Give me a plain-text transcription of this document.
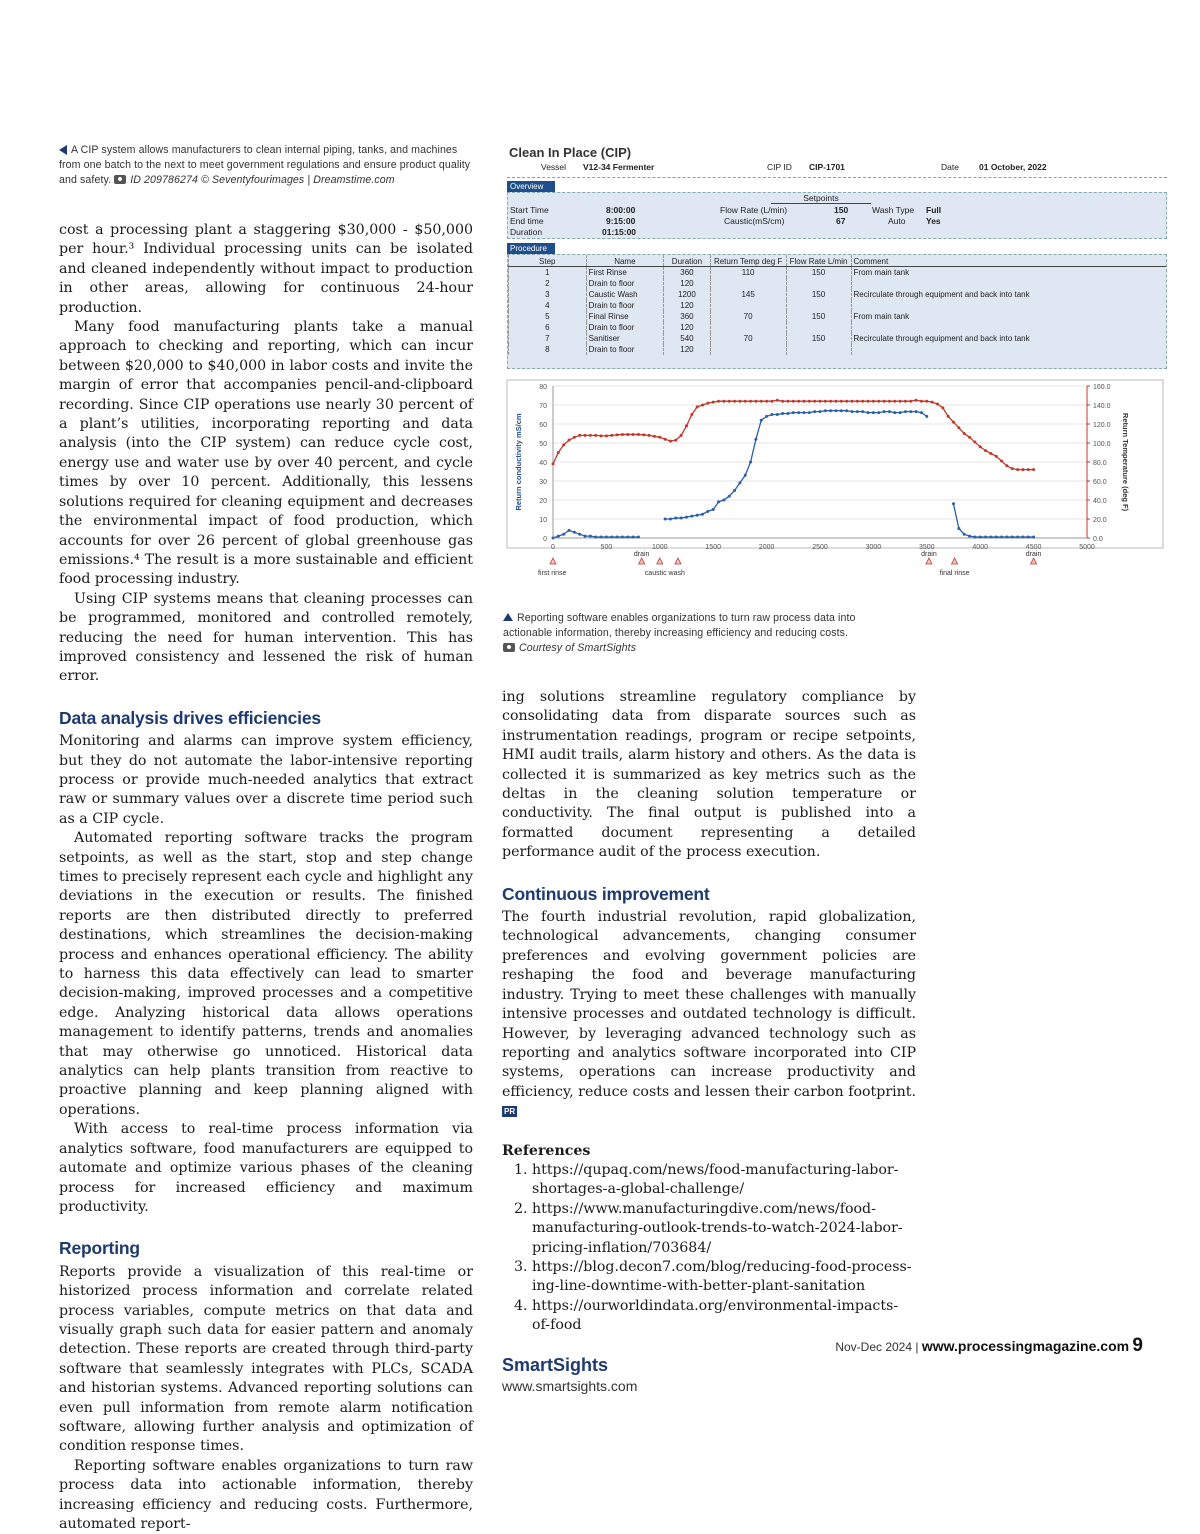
A CIP system allows manufacturers to clean internal piping, tanks, and machines from one batch to the next to meet government regulations and ensure product quality and safety. ID 209786274 © Seventyfourimages | Dreamstime.com

cost a processing plant a staggering $30,000 - $50,000 per hour.³ Individual processing units can be isolated and cleaned independently without impact to production in other areas, allowing for continuous 24-hour production.

Many food manufacturing plants take a manual approach to checking and reporting, which can incur between $20,000 to $40,000 in labor costs and invite the margin of error that accompanies pencil-and-clipboard recording. Since CIP operations use nearly 30 percent of a plant’s utilities, incorporating reporting and data analysis (into the CIP system) can reduce cycle cost, energy use and water use by over 40 percent, and cycle times by over 10 percent. Additionally, this lessens solutions required for cleaning equipment and decreases the environmental impact of food production, which accounts for over 26 percent of global greenhouse gas emissions.⁴ The result is a more sustainable and efficient food processing industry.

Using CIP systems means that cleaning processes can be programmed, monitored and controlled remotely, reducing the need for human intervention. This has improved consistency and lessened the risk of human error.

Data analysis drives efficiencies

Monitoring and alarms can improve system efficiency, but they do not automate the labor-intensive reporting process or provide much-needed analytics that extract raw or summary values over a discrete time period such as a CIP cycle.

Automated reporting software tracks the program setpoints, as well as the start, stop and step change times to precisely represent each cycle and highlight any deviations in the execution or results. The finished reports are then distributed directly to preferred destinations, which streamlines the decision-making process and enhances operational efficiency. The ability to harness this data effectively can lead to smarter decision-making, improved processes and a competitive edge. Analyzing historical data allows operations management to identify patterns, trends and anomalies that may otherwise go unnoticed. Historical data analytics can help plants transition from reactive to proactive planning and keep planning aligned with operations.

With access to real-time process information via analytics software, food manufacturers are equipped to automate and optimize various phases of the cleaning process for increased efficiency and maximum productivity.

Reporting

Reports provide a visualization of this real-time or historized process information and correlate related process variables, compute metrics on that data and visually graph such data for easier pattern and anomaly detection. These reports are created through third-party software that seamlessly integrates with PLCs, SCADA and historian systems. Advanced reporting solutions can even pull information from remote alarm notification software, allowing further analysis and optimization of condition response times.

Reporting software enables organizations to turn raw process data into actionable information, thereby increasing efficiency and reducing costs. Furthermore, automated report-

Clean In Place (CIP)
Vessel V12-34 Fermenter	CIP ID CIP-1701	Date 01 October, 2022
Overview
Setpoints
Start Time	8:00:00
End time	9:15:00
Duration	01:15:00
Flow Rate (L/min)	150
Caustic(mS/cm)	67
Wash Type Full
Auto Yes
Procedure
Step	Name	Duration	Return Temp deg F	Flow Rate L/min	Comment
1	First Rinse	360	110	150	From main tank
2	Drain to floor	120			
3	Caustic Wash	1200	145	150	Recirculate through equipment and back into tank
4	Drain to floor	120			
5	Final Rinse	360	70	150	From main tank
6	Drain to floor	120			
7	Sanitiser	540	70	150	Recirculate through equipment and back into tank
8	Drain to floor	120			
0
10
20
30
40
50
60
70
80
0.0
20.0
40.0
60.0
80.0
100.0
120.0
140.0
160.0
0	500	1000	1500	2000	2500	3000	3500	4000	4500	5000
Return conductivity mS/cm	Return Temperature (deg F)
first rinse
drain
caustic wash
drain
final rinse
drain
Reporting software enables organizations to turn raw process data into actionable information, thereby increasing efficiency and reducing costs.
Courtesy of SmartSights

ing solutions streamline regulatory compliance by consolidating data from disparate sources such as instrumentation readings, program or recipe setpoints, HMI audit trails, alarm history and others. As the data is collected it is summarized as key metrics such as the deltas in the cleaning solution temperature or conductivity. The final output is published into a formatted document representing a detailed performance audit of the process execution.

Continuous improvement

The fourth industrial revolution, rapid globalization, technological advancements, changing consumer preferences and evolving government policies are reshaping the food and beverage manufacturing industry. Trying to meet these challenges with manually intensive processes and outdated technology is difficult. However, by leveraging advanced technology such as reporting and analytics software incorporated into CIP systems, operations can increase productivity and efficiency, reduce costs and lessen their carbon footprint. PR

References
1. https://qupaq.com/news/food-manufacturing-labor-shortages-a-global-challenge/
2. https://www.manufacturingdive.com/news/food-manufacturing-outlook-trends-to-watch-2024-labor-pricing-inflation/703684/
3. https://blog.decon7.com/blog/reducing-food-process-ing-line-downtime-with-better-plant-sanitation
4. https://ourworldindata.org/environmental-impacts-of-food
SmartSights
www.smartsights.com
Nov-Dec 2024 | www.processingmagazine.com 9
